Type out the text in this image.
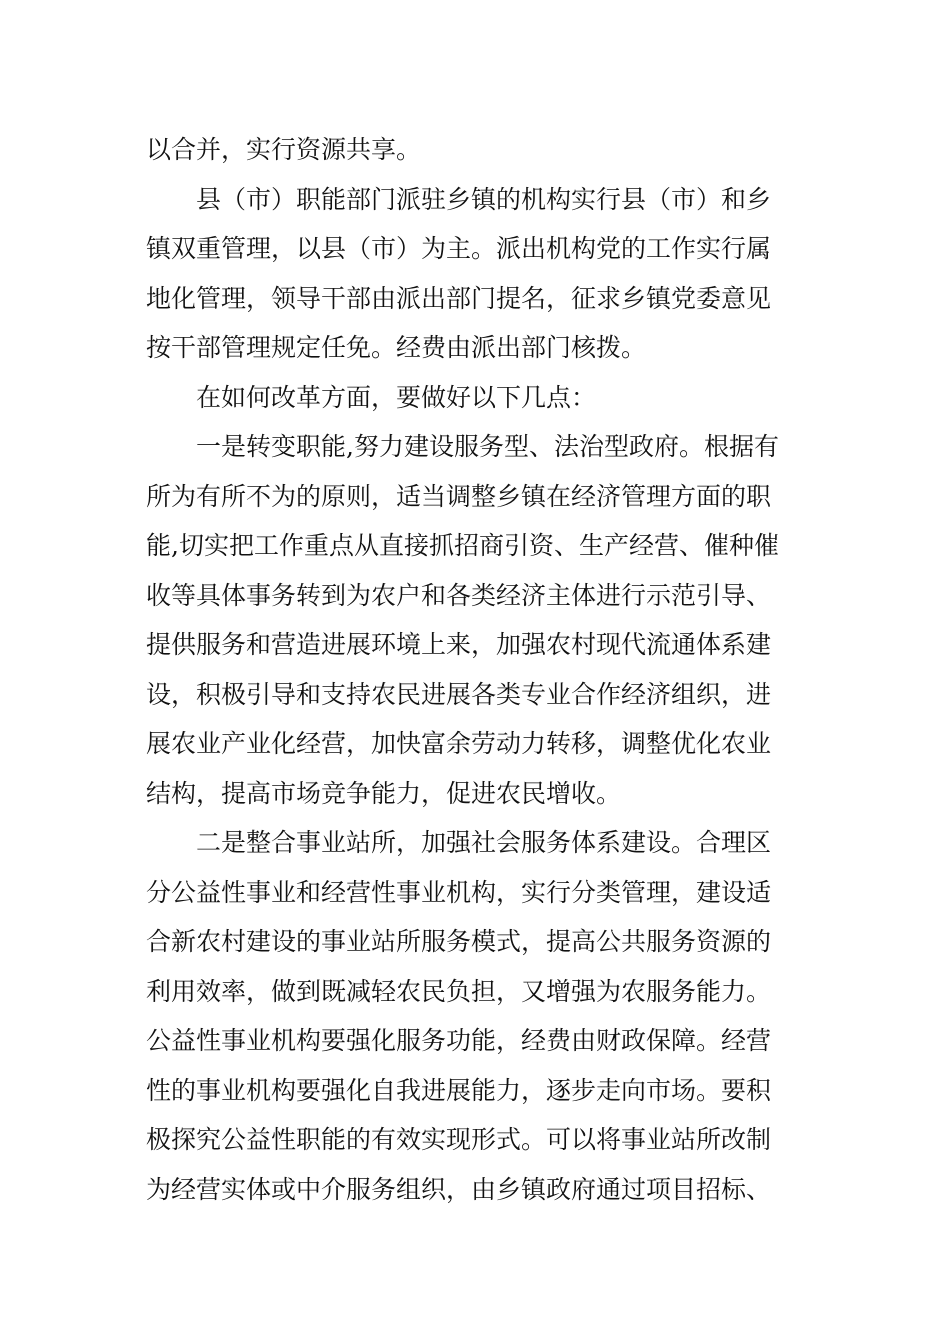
以合并，实行资源共享。
县（市）职能部门派驻乡镇的机构实行县（市）和乡
镇双重管理，以县（市）为主。派出机构党的工作实行属
地化管理，领导干部由派出部门提名，征求乡镇党委意见
按干部管理规定任免。经费由派出部门核拨。
在如何改革方面，要做好以下几点：
一是转变职能,努力建设服务型、法治型政府。根据有
所为有所不为的原则，适当调整乡镇在经济管理方面的职
能,切实把工作重点从直接抓招商引资、生产经营、催种催
收等具体事务转到为农户和各类经济主体进行示范引导、
提供服务和营造进展环境上来，加强农村现代流通体系建
设，积极引导和支持农民进展各类专业合作经济组织，进
展农业产业化经营，加快富余劳动力转移，调整优化农业
结构，提高市场竞争能力，促进农民增收。
二是整合事业站所，加强社会服务体系建设。合理区
分公益性事业和经营性事业机构，实行分类管理，建设适
合新农村建设的事业站所服务模式，提高公共服务资源的
利用效率，做到既减轻农民负担，又增强为农服务能力。
公益性事业机构要强化服务功能，经费由财政保障。经营
性的事业机构要强化自我进展能力，逐步走向市场。要积
极探究公益性职能的有效实现形式。可以将事业站所改制
为经营实体或中介服务组织，由乡镇政府通过项目招标、
